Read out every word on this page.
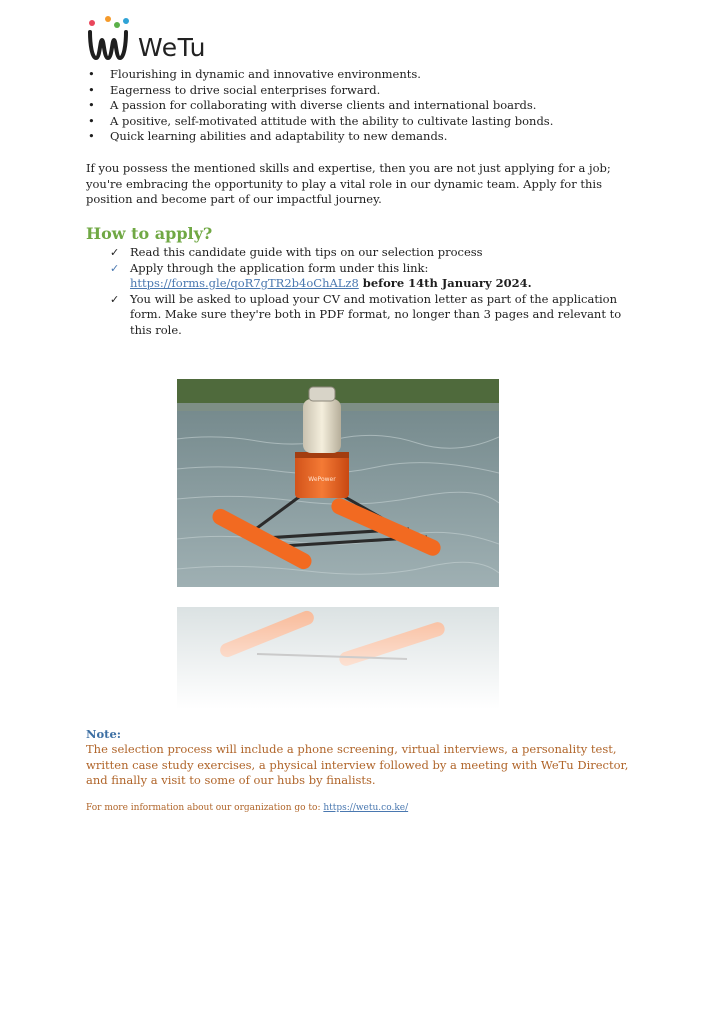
WeTu
• Flourishing in dynamic and innovative environments.
• Eagerness to drive social enterprises forward.
• A passion for collaborating with diverse clients and international boards.
• A positive, self-motivated attitude with the ability to cultivate lasting bonds.
• Quick learning abilities and adaptability to new demands.

If you possess the mentioned skills and expertise, then you are not just applying for a job; you're embracing the opportunity to play a vital role in our dynamic team. Apply for this position and become part of our impactful journey.

How to apply?
✓ Read this candidate guide with tips on our selection process
✓ Apply through the application form under this link:
https://forms.gle/qoR7gTR2b4oChALz8 before 14th January 2024.
✓ You will be asked to upload your CV and motivation letter as part of the application form. Make sure they're both in PDF format, no longer than 3 pages and relevant to this role.
WePower

Note:

The selection process will include a phone screening, virtual interviews, a personality test, written case study exercises, a physical interview followed by a meeting with WeTu Director, and finally a visit to some of our hubs by finalists.

For more information about our organization go to: https://wetu.co.ke/
